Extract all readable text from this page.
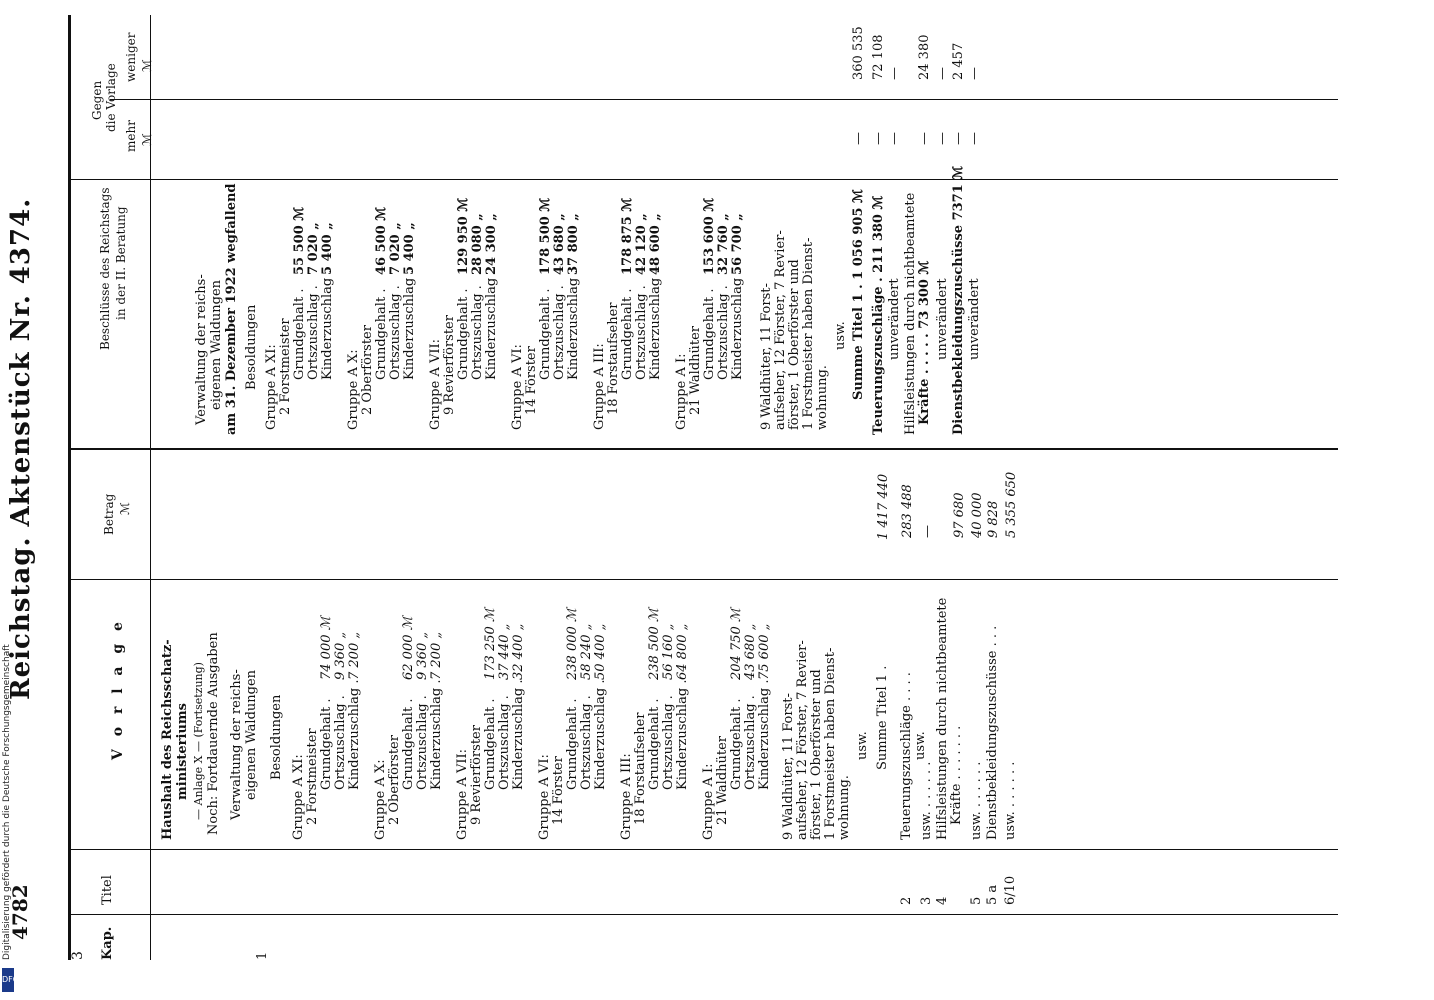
4782
Reichstag. Aktenstück Nr. 4374.
3 Kap.
Titel
V o r l a g e
Betrag ℳ
Beschlüsse des Reichstags in der II. Beratung
Gegen die Vorlage
mehr ℳ
weniger ℳ
Haushalt des Reichsschatz- ministeriums — Anlage X — (Fortsetzung) Noch: Fortdauernde Ausgaben Verwaltung der reichs- eigenen Waldungen
1
Besoldungen
Gruppe A XI: 2 Forstmeister Grundgehalt .
74 000 ℳ
Ortszuschlag .
9 360 „
Kinderzuschlag .
7 200 „
Gruppe A X: 2 Oberförster Grundgehalt .
62 000 ℳ
Ortszuschlag .
9 360 „
Kinderzuschlag .
7 200 „
Gruppe A VII: 9 Revierförster Grundgehalt .
173 250 ℳ
Ortszuschlag .
37 440 „
Kinderzuschlag .
32 400 „
Gruppe A VI: 14 Förster
Grundgehalt .
238 000 ℳ
Ortszuschlag .
58 240 „
Kinderzuschlag .
50 400 „
Gruppe A III: 18 Forstaufseher Grundgehalt .
238 500 ℳ
Ortszuschlag .
56 160 „
Kinderzuschlag .
64 800 „
Gruppe A I: 21 Waldhüter Grundgehalt .
204 750 ℳ
Ortszuschlag .
43 680 „
Kinderzuschlag .
75 600 „
9 Waldhüter, 11 Forst- aufseher, 12 Förster, 7 Revier- förster, 1 Oberförster und 1 Forstmeister haben Dienst- wohnung.
usw. Summe Titel 1 .
1 417 440
2
Teuerungszuschläge . . . . usw.
283 488
3
usw. . . . . . .
—
4
Hilfsleistungen durch nichtbeamtete Kräfte . . . . . . .
97 680
5
usw. . . . . . .
40 000
5 a
Dienstbekleidungszuschüsse . . .
9 828
6/10
usw. . . . . . .
5 355 650
Verwaltung der reichs- eigenen Waldungen am 31. Dezember 1922 wegfallend Besoldungen Gruppe A XI: 2 Forstmeister Grundgehalt .
55 500 ℳ
Ortszuschlag .
7 020 „
Kinderzuschlag .
5 400 „
Gruppe A X: 2 Oberförster Grundgehalt .
46 500 ℳ
Ortszuschlag .
7 020 „
Kinderzuschlag .
5 400 „
Gruppe A VII: 9 Revierförster Grundgehalt .
129 950 ℳ
Ortszuschlag .
28 080 „
Kinderzuschlag .
24 300 „
Gruppe A VI: 14 Förster
Grundgehalt .
178 500 ℳ
Ortszuschlag .
43 680 „
Kinderzuschlag .
37 800 „
Gruppe A III: 18 Forstaufseher Grundgehalt .
178 875 ℳ
Ortszuschlag .
42 120 „
Kinderzuschlag .
48 600 „
Gruppe A I: 21 Waldhüter Grundgehalt .
153 600 ℳ
Ortszuschlag .
32 760 „
Kinderzuschlag .
56 700 „
9 Waldhüter, 11 Forst- aufseher, 12 Förster, 7 Revier- förster, 1 Oberförster und 1 Forstmeister haben Dienst- wohnung.
usw. Summe Titel 1 . 1 056 905 ℳ Teuerungszuschläge . 211 380 ℳ unverändert Hilfsleistungen durch nichtbeamtete Kräfte . . . . . 73 300 ℳ unverändert Dienstbekleidungszuschüsse 7371 ℳ unverändert
—
360 535
—
72 108
—
—
—
24 380
—
—
—
2 457
—
—
Digitalisierung gefördert durch die Deutsche Forschungsgemeinschaft
DFG
